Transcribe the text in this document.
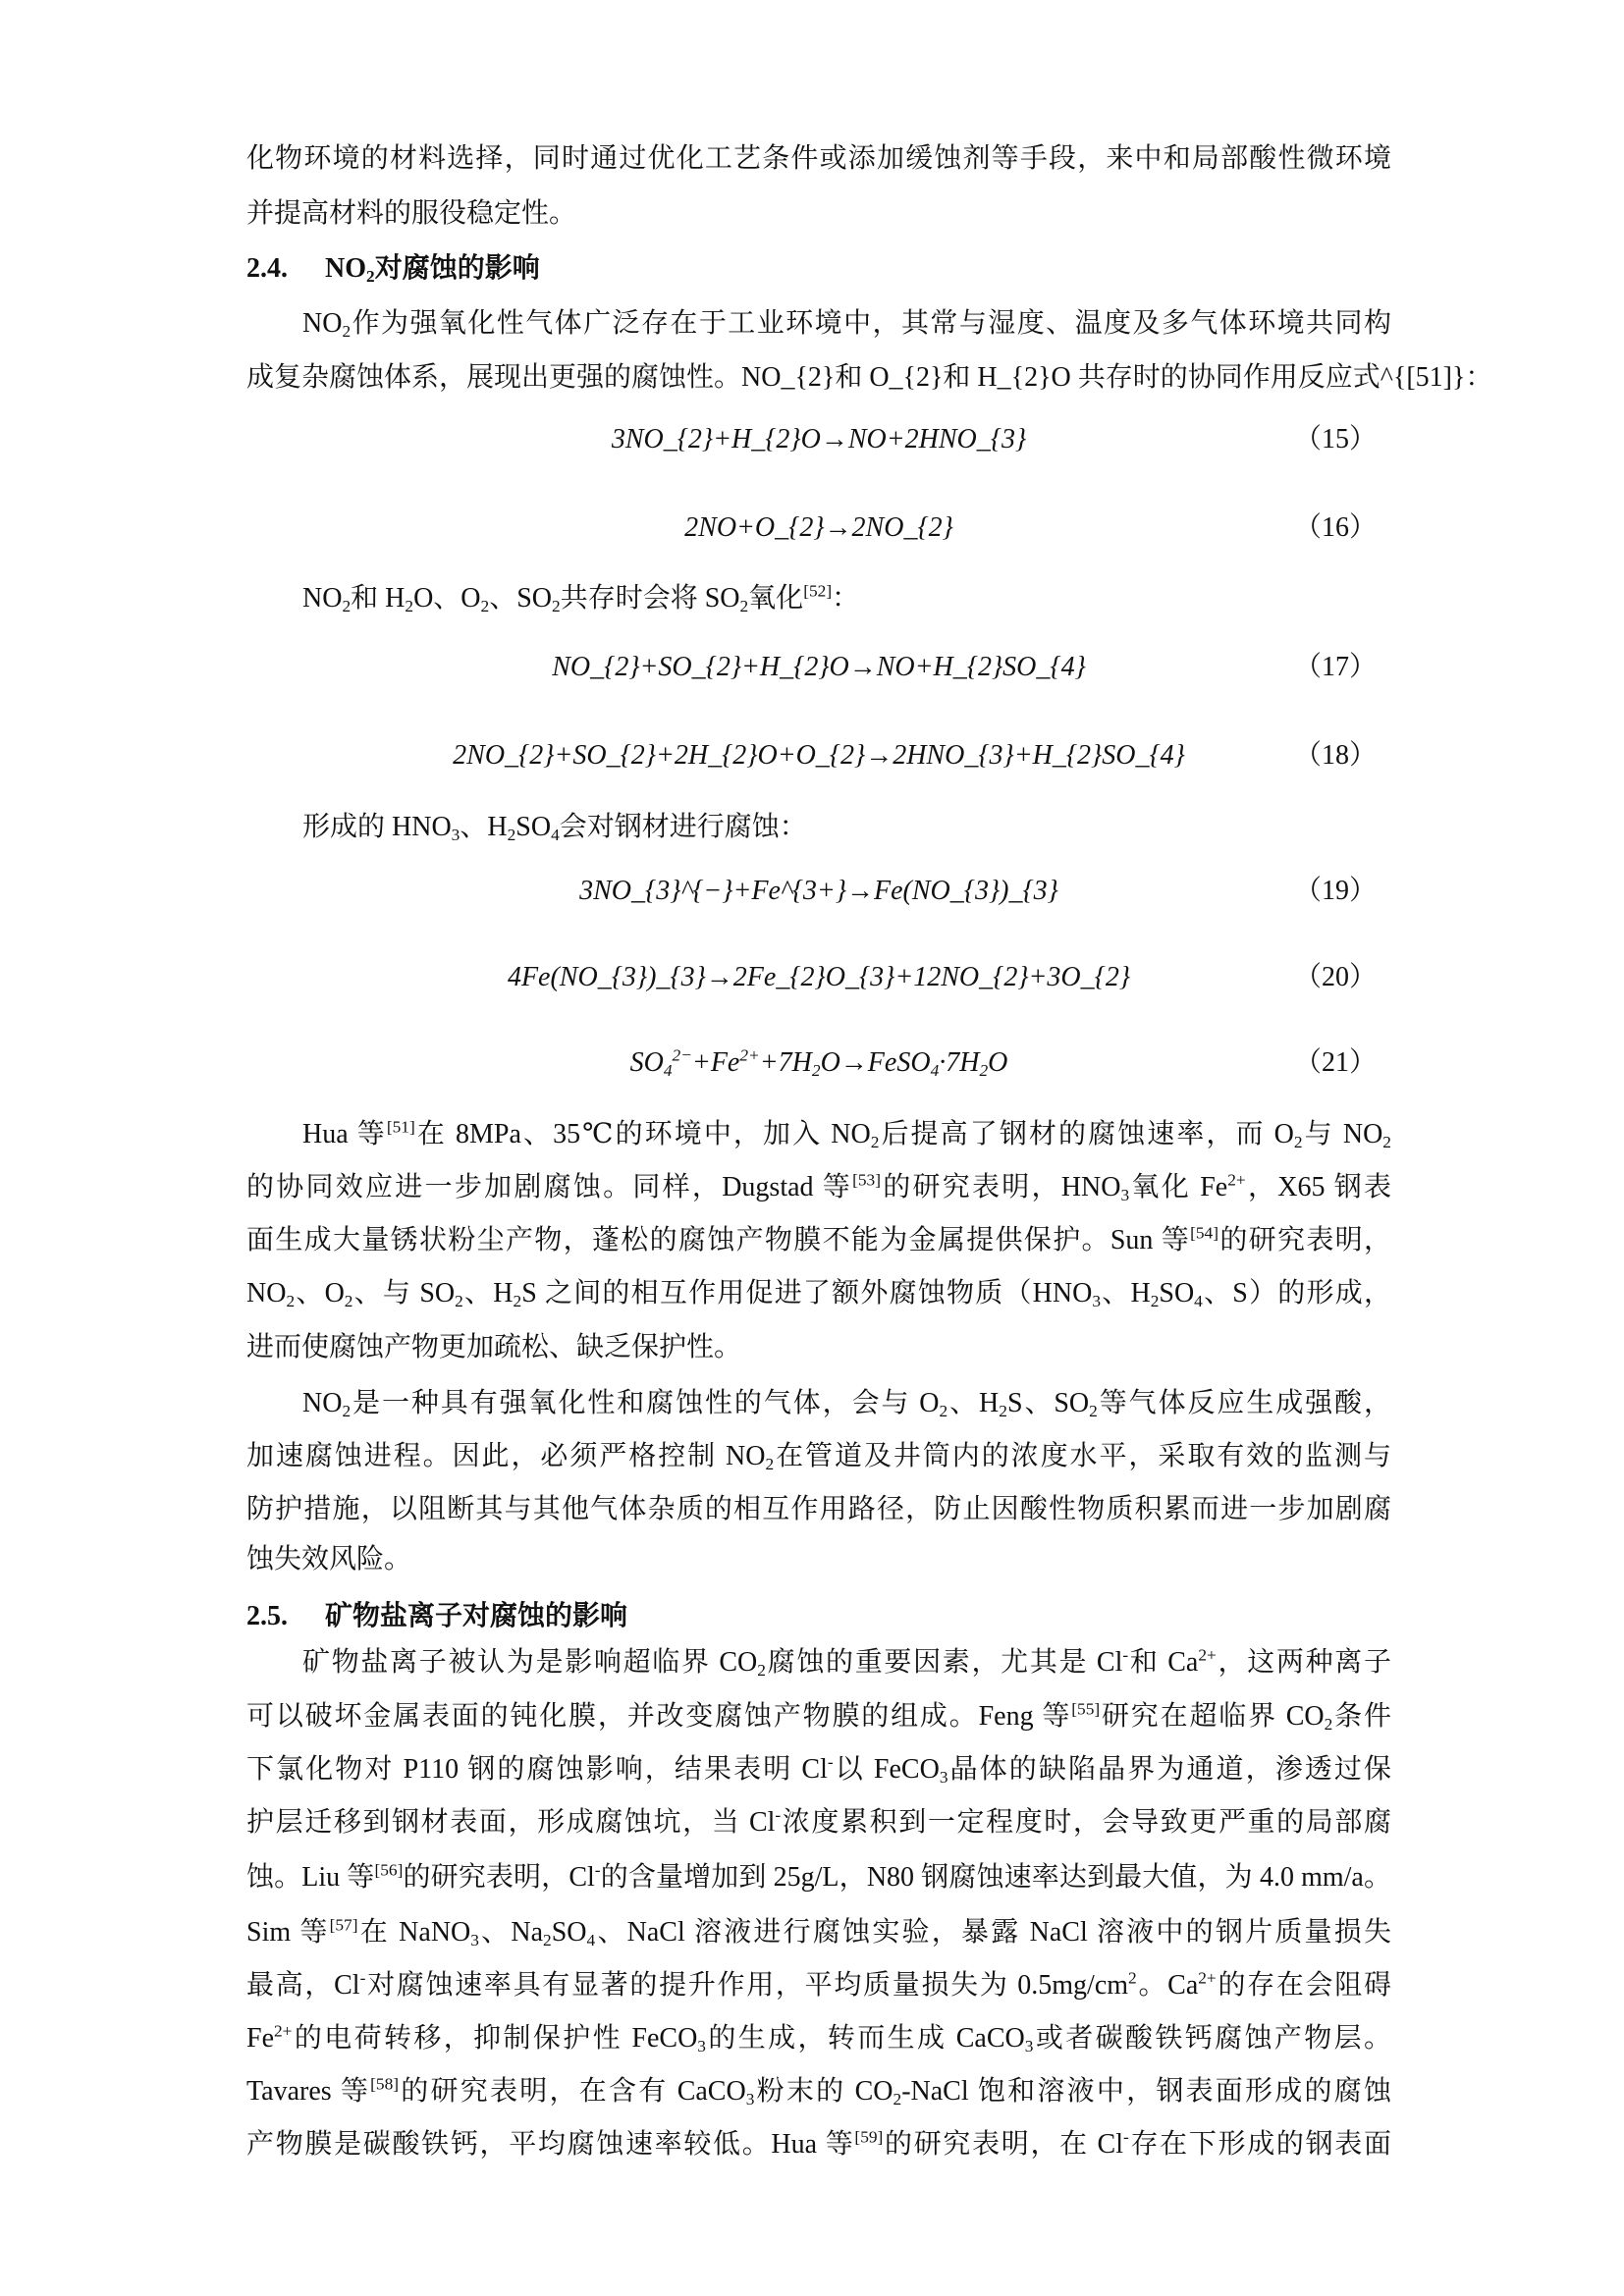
化物环境的材料选择，同时通过优化工艺条件或添加缓蚀剂等手段，来中和局部酸性微环境
并提高材料的服役稳定性。
2.4. $NO_2$对腐蚀的影响
$NO_2$作为强氧化性气体广泛存在于工业环境中，其常与湿度、温度及多气体环境共同构
成复杂腐蚀体系，展现出更强的腐蚀性。NO_{2}和 O_{2}和 H_{2}O 共存时的协同作用反应式^{[51]}：
3NO_{2}+H_{2}O→NO+2HNO_{3}	（15）
2NO+O_{2}→2NO_{2}	（16）
$NO_2$和 $H_2O$、$O_2$、$SO_2$共存时会将 $SO_2$氧化[52]：
NO_{2}+SO_{2}+H_{2}O→NO+H_{2}SO_{4}	（17）
2NO_{2}+SO_{2}+2H_{2}O+O_{2}→2HNO_{3}+H_{2}SO_{4}	（18）
形成的 $HNO_3$、$H_2SO_4$会对钢材进行腐蚀：
3NO_{3}^{−}+Fe^{3+}→Fe(NO_{3})_{3}	（19）
4Fe(NO_{3})_{3}→2Fe_{2}O_{3}+12NO_{2}+3O_{2}	（20）
$SO_4^{2-}+Fe^{2+}+7H_2O\to FeSO_4\cdot 7H_2O$	（21）
Hua 等[51]在 8MPa、35℃的环境中，加入 $NO_2$后提高了钢材的腐蚀速率，而 $O_2$与 $NO_2$
的协同效应进一步加剧腐蚀。同样，Dugstad 等[53]的研究表明，$HNO_3$氧化 $Fe^{2+}$，X65 钢表
面生成大量锈状粉尘产物，蓬松的腐蚀产物膜不能为金属提供保护。Sun 等[54]的研究表明，
$NO_2$、$O_2$、与 $SO_2$、$H_2S$ 之间的相互作用促进了额外腐蚀物质（$HNO_3$、$H_2SO_4$、S）的形成，
进而使腐蚀产物更加疏松、缺乏保护性。
$NO_2$是一种具有强氧化性和腐蚀性的气体，会与 $O_2$、$H_2S$、$SO_2$等气体反应生成强酸，
加速腐蚀进程。因此，必须严格控制 $NO_2$在管道及井筒内的浓度水平，采取有效的监测与
防护措施，以阻断其与其他气体杂质的相互作用路径，防止因酸性物质积累而进一步加剧腐
蚀失效风险。
2.5. 矿物盐离子对腐蚀的影响
矿物盐离子被认为是影响超临界 $CO_2$腐蚀的重要因素，尤其是 Cl-和 $Ca^{2+}$，这两种离子
可以破坏金属表面的钝化膜，并改变腐蚀产物膜的组成。Feng 等[55]研究在超临界 $CO_2$条件
下氯化物对 P110 钢的腐蚀影响，结果表明 Cl-以 FeCO$_3$晶体的缺陷晶界为通道，渗透过保
护层迁移到钢材表面，形成腐蚀坑，当 Cl-浓度累积到一定程度时，会导致更严重的局部腐
蚀。Liu 等[56]的研究表明，Cl-的含量增加到 25g/L，N80 钢腐蚀速率达到最大值，为 4.0 mm/a。
Sim 等[57]在 NaNO$_3$、$Na_2SO_4$、NaCl 溶液进行腐蚀实验，暴露 NaCl 溶液中的钢片质量损失
最高，Cl-对腐蚀速率具有显著的提升作用，平均质量损失为 $0.5mg/cm^2$。$Ca^{2+}$的存在会阻碍
$Fe^{2+}$的电荷转移，抑制保护性 FeCO$_3$的生成，转而生成 CaCO$_3$或者碳酸铁钙腐蚀产物层。
Tavares 等[58]的研究表明，在含有 CaCO$_3$粉末的 $CO_2$-NaCl 饱和溶液中，钢表面形成的腐蚀
产物膜是碳酸铁钙，平均腐蚀速率较低。Hua 等[59]的研究表明，在 Cl-存在下形成的钢表面
